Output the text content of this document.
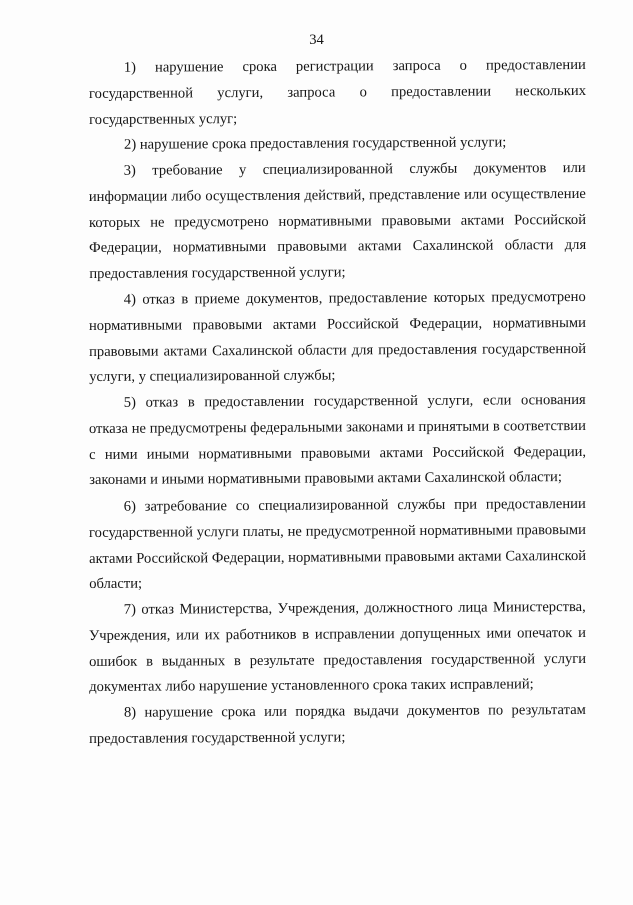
34

1) нарушение срока регистрации запроса о предоставлении государственной услуги, запроса о предоставлении нескольких государственных услуг;

2) нарушение срока предоставления государственной услуги;

3) требование у специализированной службы документов или информации либо осуществления действий, представление или осуществление которых не предусмотрено нормативными правовыми актами Российской Федерации, нормативными правовыми актами Сахалинской области для предоставления государственной услуги;

4) отказ в приеме документов, предоставление которых предусмотрено нормативными правовыми актами Российской Федерации, нормативными правовыми актами Сахалинской области для предоставления государственной услуги, у специализированной службы;

5) отказ в предоставлении государственной услуги, если основания отказа не предусмотрены федеральными законами и принятыми в соответствии с ними иными нормативными правовыми актами Российской Федерации, законами и иными нормативными правовыми актами Сахалинской области;

6) затребование со специализированной службы при предоставлении государственной услуги платы, не предусмотренной нормативными правовыми актами Российской Федерации, нормативными правовыми актами Сахалинской области;

7) отказ Министерства, Учреждения, должностного лица Министерства, Учреждения, или их работников в исправлении допущенных ими опечаток и ошибок в выданных в результате предоставления государственной услуги документах либо нарушение установленного срока таких исправлений;

8) нарушение срока или порядка выдачи документов по результатам предоставления государственной услуги;
